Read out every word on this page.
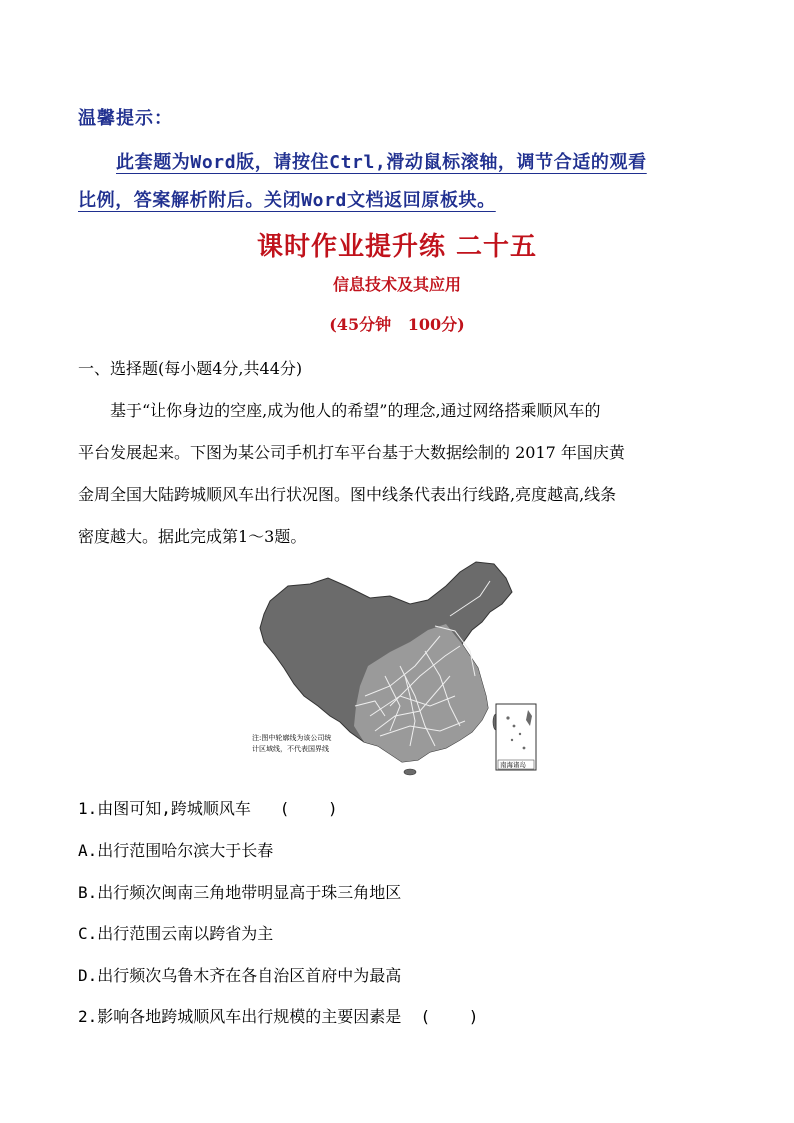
温馨提示：
此套题为Word版，请按住Ctrl,滑动鼠标滚轴，调节合适的观看
比例，答案解析附后。关闭Word文档返回原板块。
课时作业提升练 二十五
信息技术及其应用
(45分钟   100分)
一、选择题(每小题4分,共44分)
基于“让你身边的空座,成为他人的希望”的理念,通过网络搭乘顺风车的
平台发展起来。下图为某公司手机打车平台基于大数据绘制的 2017 年国庆黄
金周全国大陆跨城顺风车出行状况图。图中线条代表出行线路,亮度越高,线条
密度越大。据此完成第1～3题。
注:图中轮廓线为该公司统
计区域线，不代表国界线
南海诸岛
1.由图可知,跨城顺风车   (    )
A.出行范围哈尔滨大于长春
B.出行频次闽南三角地带明显高于珠三角地区
C.出行范围云南以跨省为主
D.出行频次乌鲁木齐在各自治区首府中为最高
2.影响各地跨城顺风车出行规模的主要因素是  (    )
